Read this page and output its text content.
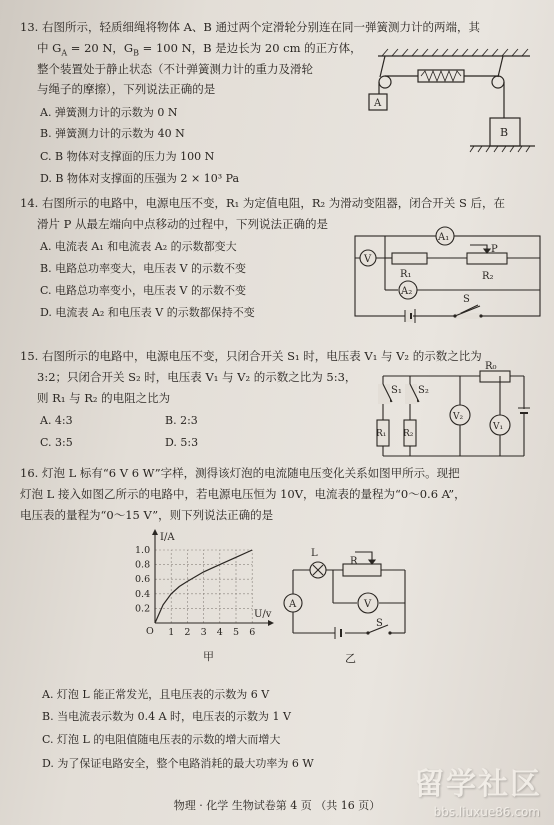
13. 右图所示，轻质细绳将物体 A、B 通过两个定滑轮分别连在同一弹簧测力计的两端，其
中 $G_A = 20$ N，$G_B = 100$ N，B 是边长为 20 cm 的正方体，
整个装置处于静止状态（不计弹簧测力计的重力及滑轮
与绳子的摩擦），下列说法正确的是
A. 弹簧测力计的示数为 0 N
B. 弹簧测力计的示数为 40 N
C. B 物体对支撑面的压力为 100 N
D. B 物体对支撑面的压强为 2 × 10³ Pa
A
B
14. 右图所示的电路中，电源电压不变，R₁ 为定值电阻，R₂ 为滑动变阻器，闭合开关 S 后，在
滑片 P 从最左端向中点移动的过程中，下列说法正确的是
A. 电流表 A₁ 和电流表 A₂ 的示数都变大
B. 电路总功率变大，电压表 V 的示数不变
C. 电路总功率变小，电压表 V 的示数不变
D. 电流表 A₂ 和电压表 V 的示数都保持不变
A₁
V
P
R₁	R₂
A₂
S
15. 右图所示的电路中，电源电压不变，只闭合开关 S₁ 时，电压表 V₁ 与 V₂ 的示数之比为
3:2；只闭合开关 S₂ 时，电压表 V₁ 与 V₂ 的示数之比为 5:3，
则 R₁ 与 R₂ 的电阻之比为
A. 4:3	B. 2:3
C. 3:5	D. 5:3
S₁ S₂
R₀
R₁ R₂
V₂
V₁
16. 灯泡 L 标有“6 V 6 W”字样，测得该灯泡的电流随电压变化关系如图甲所示。现把
灯泡 L 接入如图乙所示的电路中，若电源电压恒为 10V，电流表的量程为“0～0.6 A”，
电压表的量程为“0～15 V”，则下列说法正确的是
1 2 3 4 5 6
0.2
0.4
0.6
0.8
1.0
I/A
U/v
O
甲
L
R
A	V
S
乙
A. 灯泡 L 能正常发光，且电压表的示数为 6 V
B. 当电流表示数为 0.4 A 时，电压表的示数为 1 V
C. 灯泡 L 的电阻值随电压表的示数的增大而增大
D. 为了保证电路安全，整个电路消耗的最大功率为 6 W
物理 · 化学 生物试卷第 4 页 （共 16 页）
留学社区
bbs.liuxue86.com
